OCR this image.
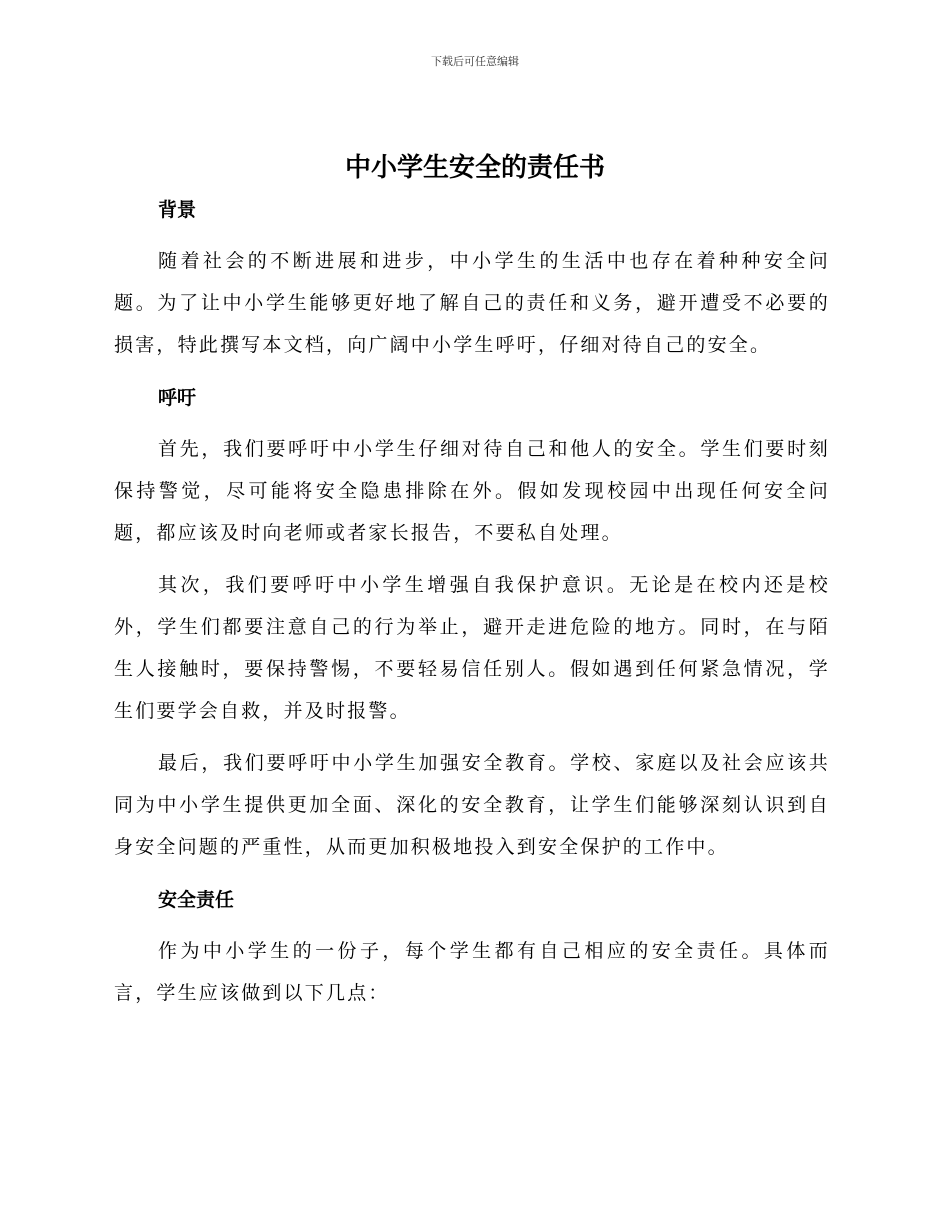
下载后可任意编辑
中小学生安全的责任书
背景

随着社会的不断进展和进步，中小学生的生活中也存在着种种安全问题。为了让中小学生能够更好地了解自己的责任和义务，避开遭受不必要的损害，特此撰写本文档，向广阔中小学生呼吁，仔细对待自己的安全。

呼吁

首先，我们要呼吁中小学生仔细对待自己和他人的安全。学生们要时刻保持警觉，尽可能将安全隐患排除在外。假如发现校园中出现任何安全问题，都应该及时向老师或者家长报告，不要私自处理。

其次，我们要呼吁中小学生增强自我保护意识。无论是在校内还是校外，学生们都要注意自己的行为举止，避开走进危险的地方。同时，在与陌生人接触时，要保持警惕，不要轻易信任别人。假如遇到任何紧急情况，学生们要学会自救，并及时报警。

最后，我们要呼吁中小学生加强安全教育。学校、家庭以及社会应该共同为中小学生提供更加全面、深化的安全教育，让学生们能够深刻认识到自身安全问题的严重性，从而更加积极地投入到安全保护的工作中。

安全责任

作为中小学生的一份子，每个学生都有自己相应的安全责任。具体而言，学生应该做到以下几点：
